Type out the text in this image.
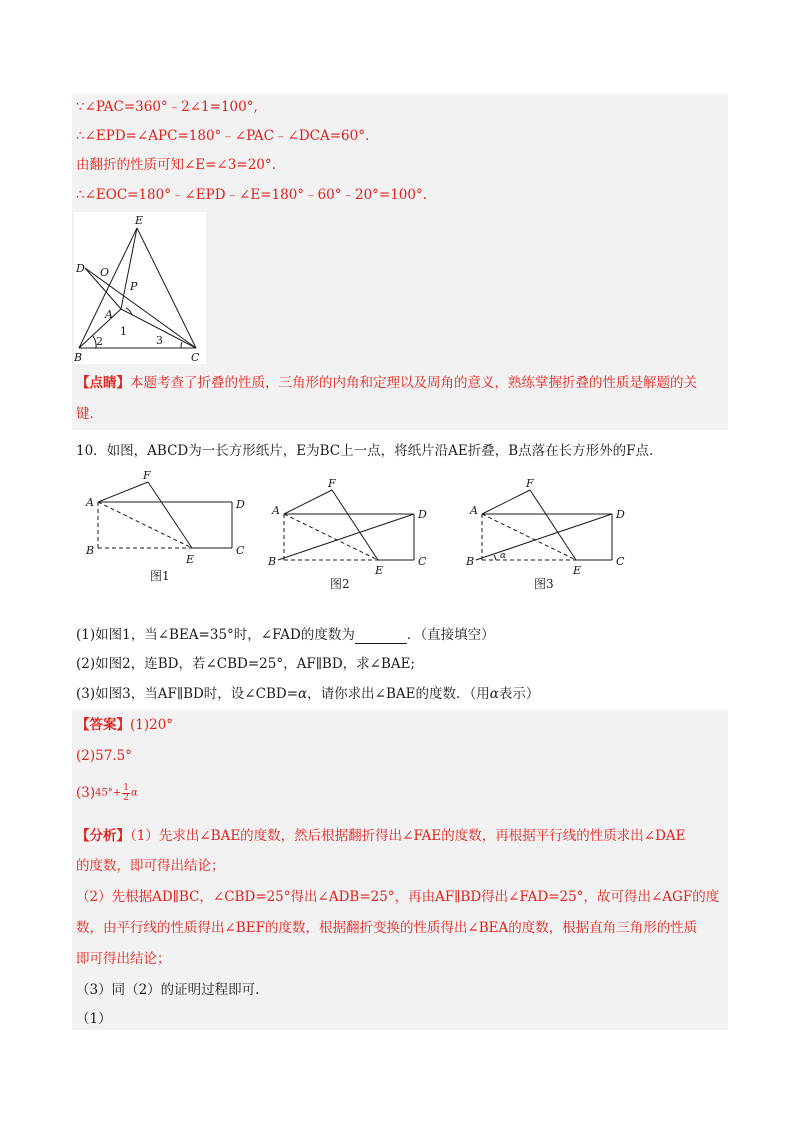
∵∠PAC=360°﹣2∠1=100°,
∴∠EPD=∠APC=180°﹣∠PAC﹣∠DCA=60°.
由翻折的性质可知∠E=∠3=20°.
∴∠EOC=180°﹣∠EPD﹣∠E=180°﹣60°﹣20°=100°.
E
D O
P
A
1
2	3
B	C
【点睛】本题考查了折叠的性质，三角形的内角和定理以及周角的意义，熟练掌握折叠的性质是解题的关
键.
10．如图，ABCD为一长方形纸片，E为BC上一点，将纸片沿AE折叠，B点落在长方形外的F点.
A
F
D
B	C
E
图1
A
F
D
B	C
E
图2
A
F
D
B	C
E
α
图3
(1)如图1，当∠BEA=35°时，∠FAD的度数为	．（直接填空）
(2)如图2，连BD，若∠CBD=25°，AF∥BD，求∠BAE;
(3)如图3，当AF∥BD时，设∠CBD=α，请你求出∠BAE的度数．（用α表示）
【答案】(1)20°
(2)57.5°
$(3)45^\circ+ \frac{1}{2}$ α
【分析】（1）先求出∠BAE的度数，然后根据翻折得出∠FAE的度数，再根据平行线的性质求出∠DAE
的度数，即可得出结论；
（2）先根据AD∥BC，∠CBD=25°得出∠ADB=25°，再由AF∥BD得出∠FAD=25°，故可得出∠AGF的度
数，由平行线的性质得出∠BEF的度数，根据翻折变换的性质得出∠BEA的度数，根据直角三角形的性质
即可得出结论；
（3）同（2）的证明过程即可.
（1）
